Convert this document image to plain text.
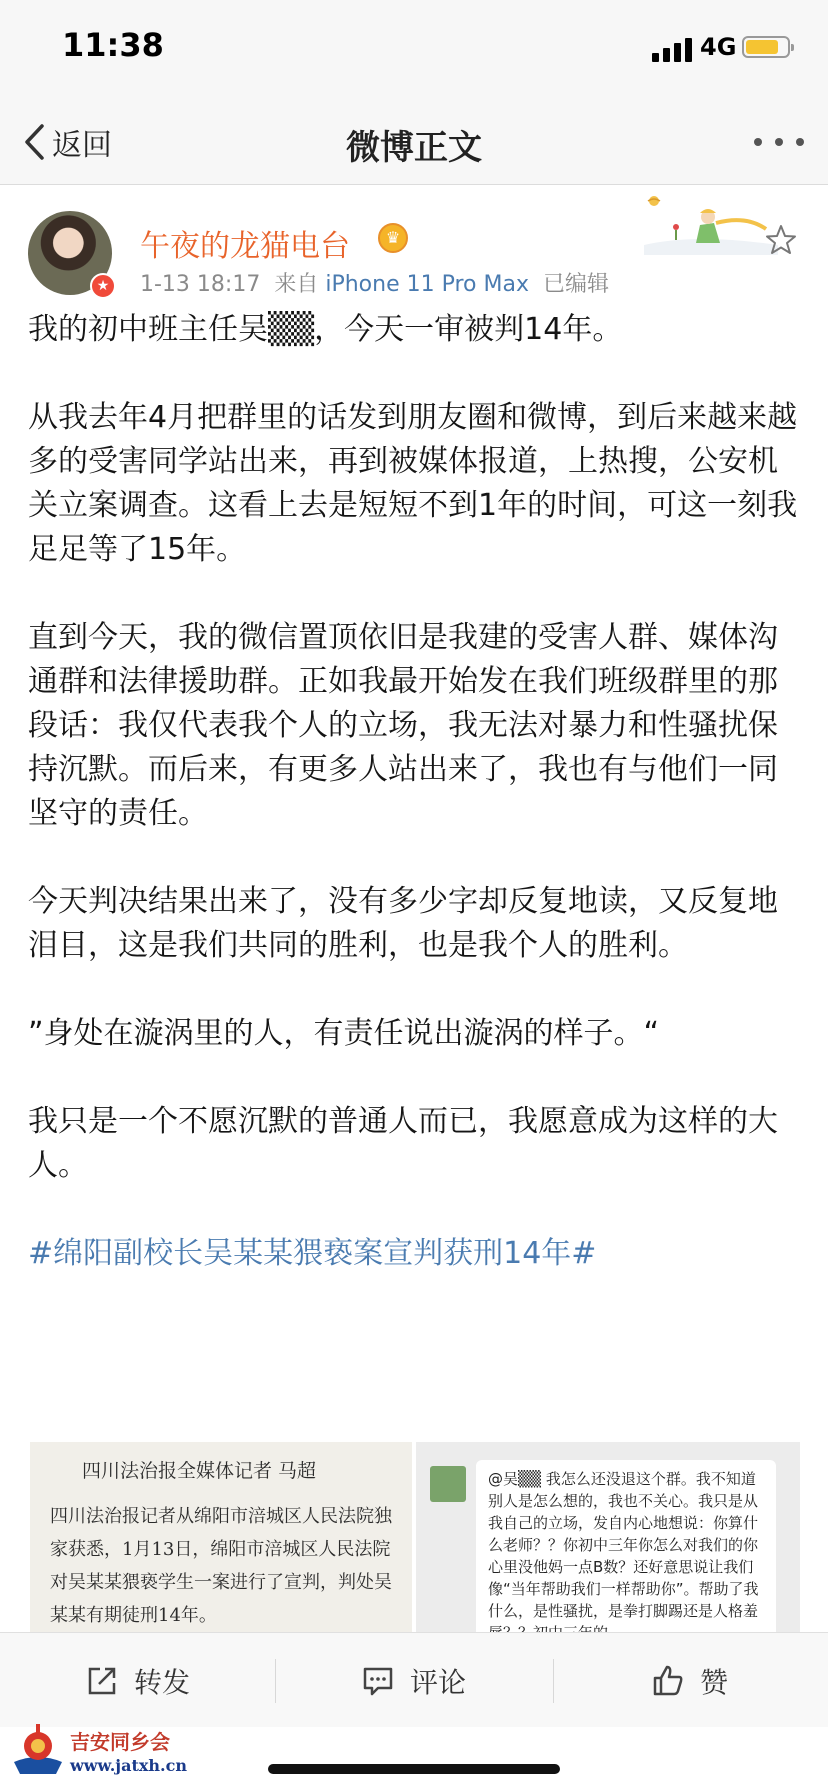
11:38	4G
返回	微博正文
★
午夜的龙猫电台	♛
1-13 18:17 来自 iPhone 11 Pro Max 已编辑

我的初中班主任吴▒▒，今天一审被判14年。

从我去年4月把群里的话发到朋友圈和微博，到后来越来越多的受害同学站出来，再到被媒体报道，上热搜，公安机关立案调查。这看上去是短短不到1年的时间，可这一刻我足足等了15年。

直到今天，我的微信置顶依旧是我建的受害人群、媒体沟通群和法律援助群。正如我最开始发在我们班级群里的那段话：我仅代表我个人的立场，我无法对暴力和性骚扰保持沉默。而后来，有更多人站出来了，我也有与他们一同坚守的责任。

今天判决结果出来了，没有多少字却反复地读，又反复地泪目，这是我们共同的胜利，也是我个人的胜利。

”身处在漩涡里的人，有责任说出漩涡的样子。“

我只是一个不愿沉默的普通人而已，我愿意成为这样的大人。

#绵阳副校长吴某某猥亵案宣判获刑14年#

四川法治报全媒体记者 马超
四川法治报记者从绵阳市涪城区人民法院独家获悉，1月13日，绵阳市涪城区人民法院对吴某某猥亵学生一案进行了宣判，判处吴某某有期徒刑14年。
@吴▒▒ 我怎么还没退这个群。我不知道别人是怎么想的，我也不关心。我只是从我自己的立场，发自内心地想说：你算什么老师？？你初中三年你怎么对我们的你心里没他妈一点B数？还好意思说让我们像“当年帮助我们一样帮助你”。帮助了我什么，是性骚扰，是拳打脚踢还是人格羞
转发	评论	赞
吉安同乡会
www.jatxh.cn
